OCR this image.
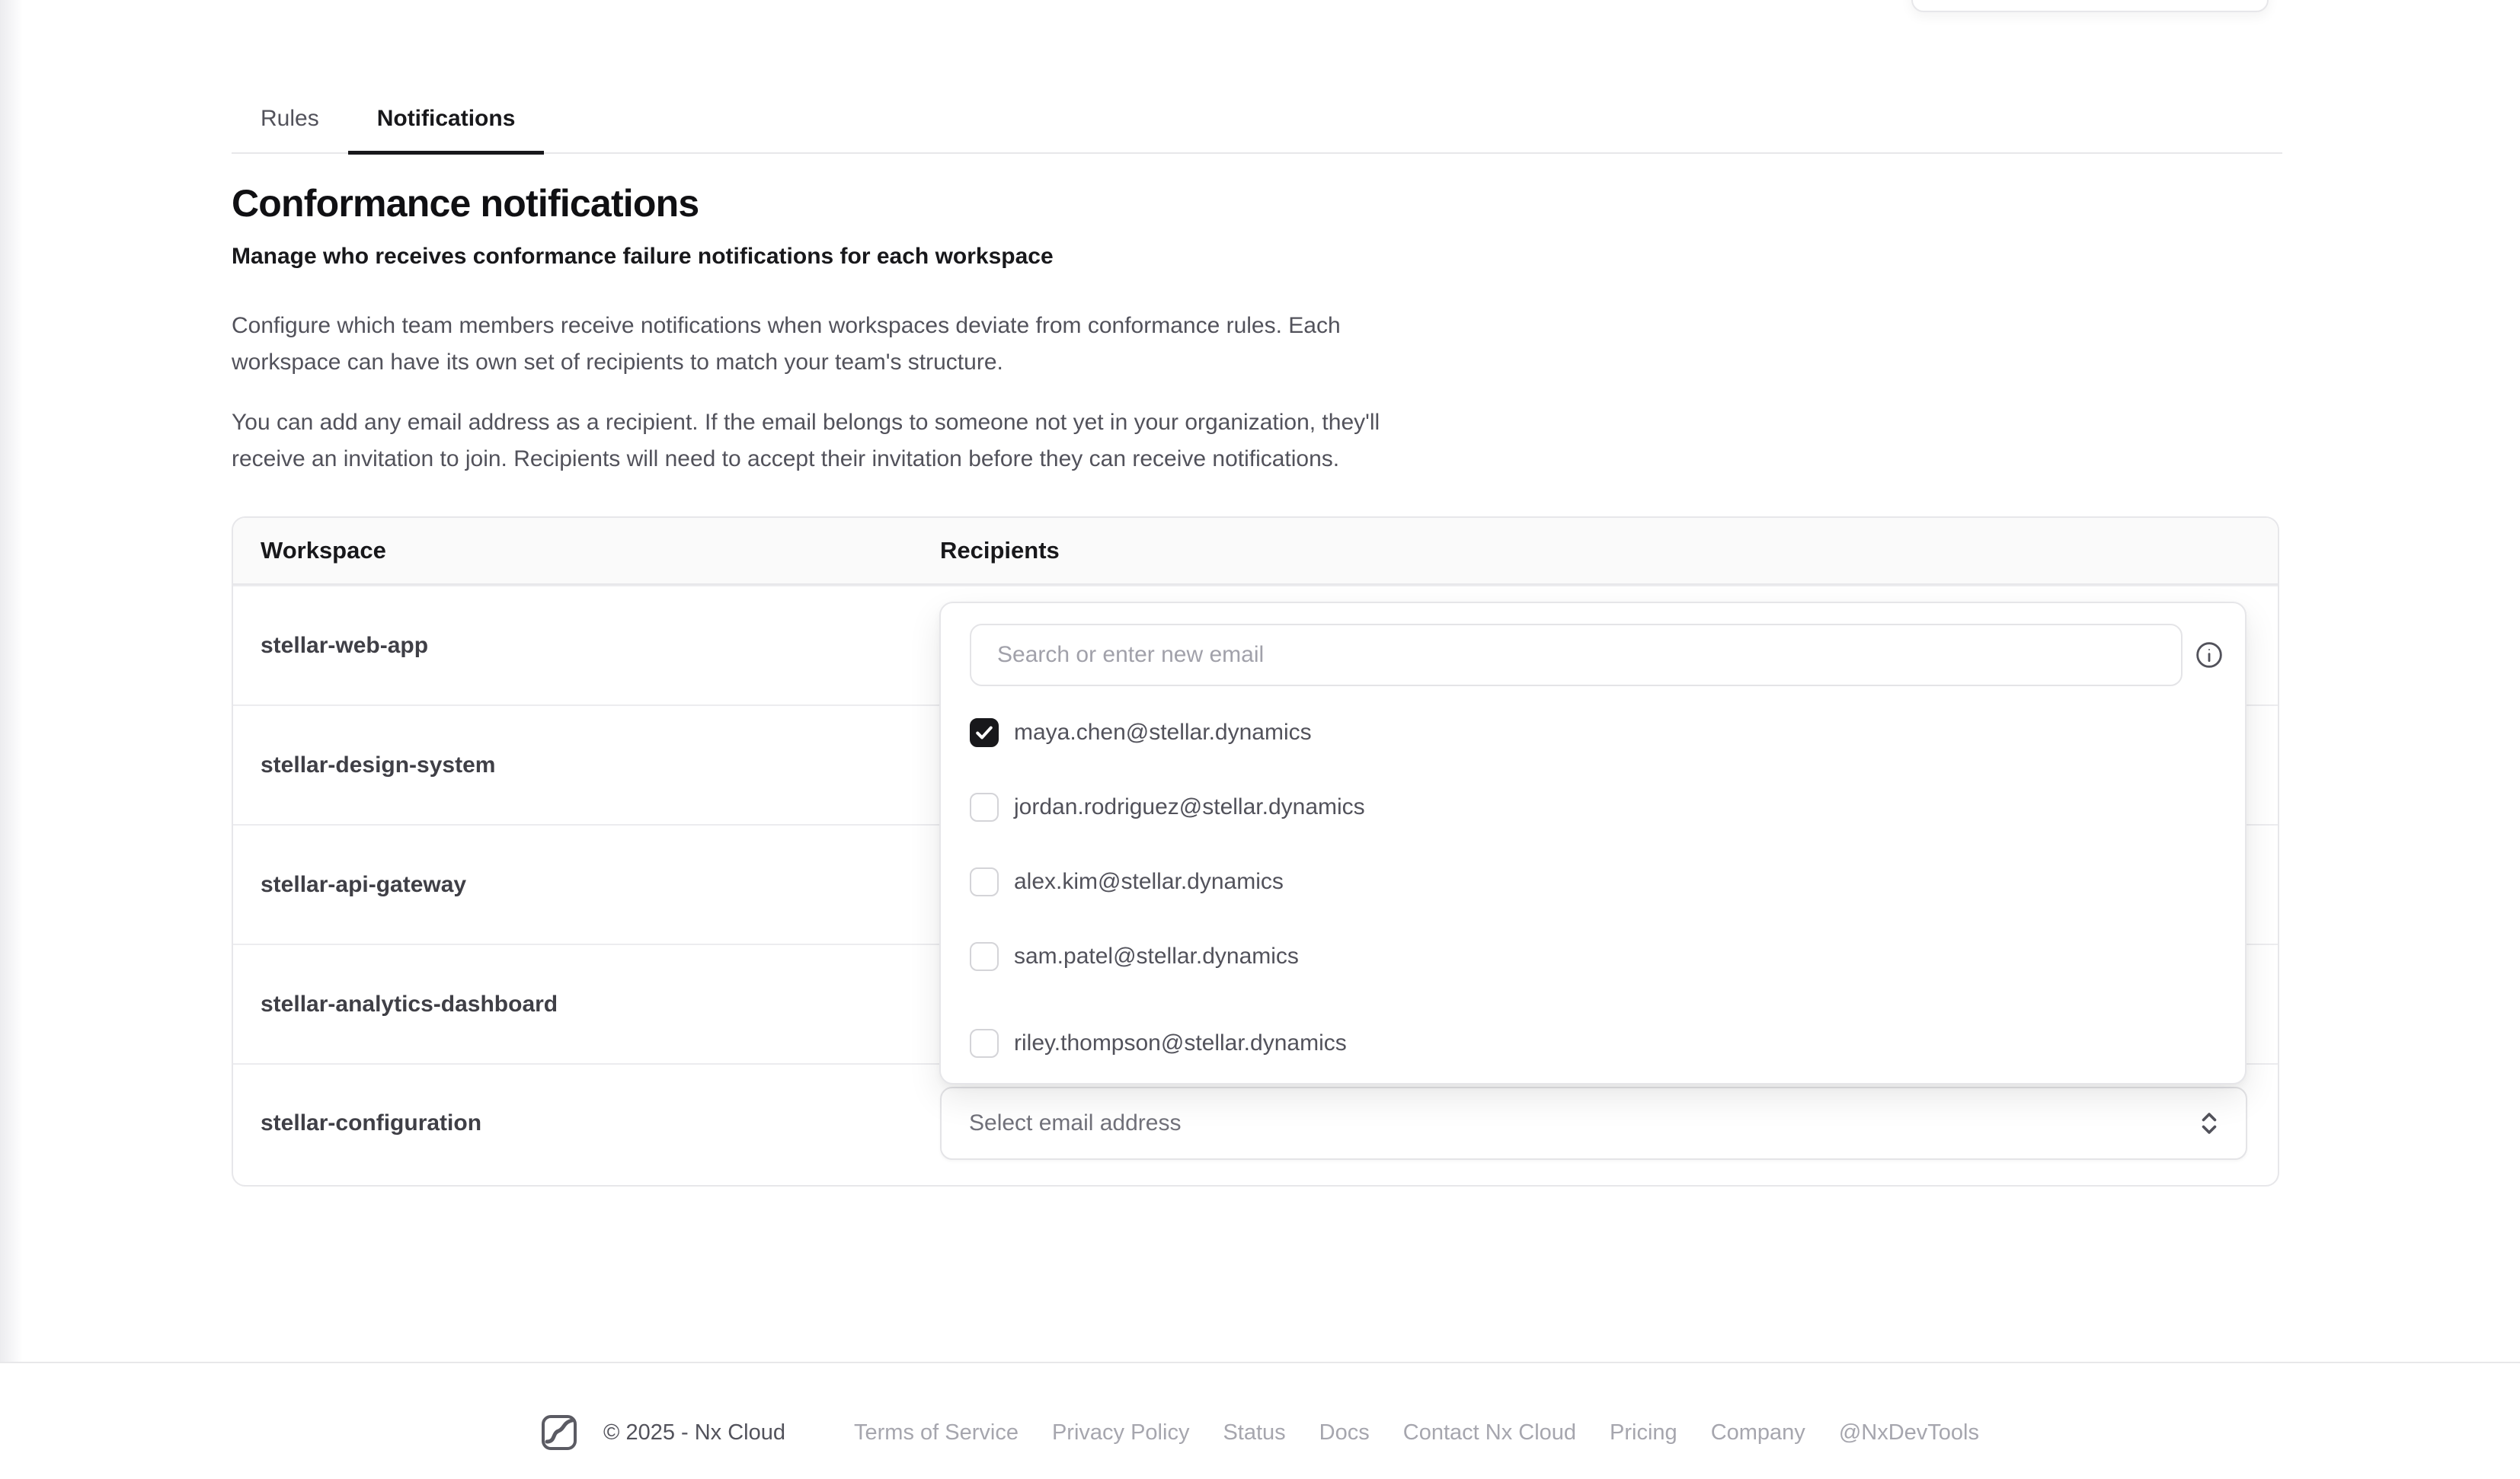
Rules	Notifications
Conformance notifications
Manage who receives conformance failure notifications for each workspace
Configure which team members receive notifications when workspaces deviate from conformance rules. Each
workspace can have its own set of recipients to match your team's structure.
You can add any email address as a recipient. If the email belongs to someone not yet in your organization, they'll
receive an invitation to join. Recipients will need to accept their invitation before they can receive notifications.
Workspace	Recipients
stellar-web-app
stellar-design-system
stellar-api-gateway
stellar-analytics-dashboard
stellar-configuration	Select email address
Search or enter new email
maya.chen@stellar.dynamics
jordan.rodriguez@stellar.dynamics
alex.kim@stellar.dynamics
sam.patel@stellar.dynamics
riley.thompson@stellar.dynamics
© 2025 - Nx Cloud	Terms of Service Privacy Policy Status Docs Contact Nx Cloud Pricing Company @NxDevTools
